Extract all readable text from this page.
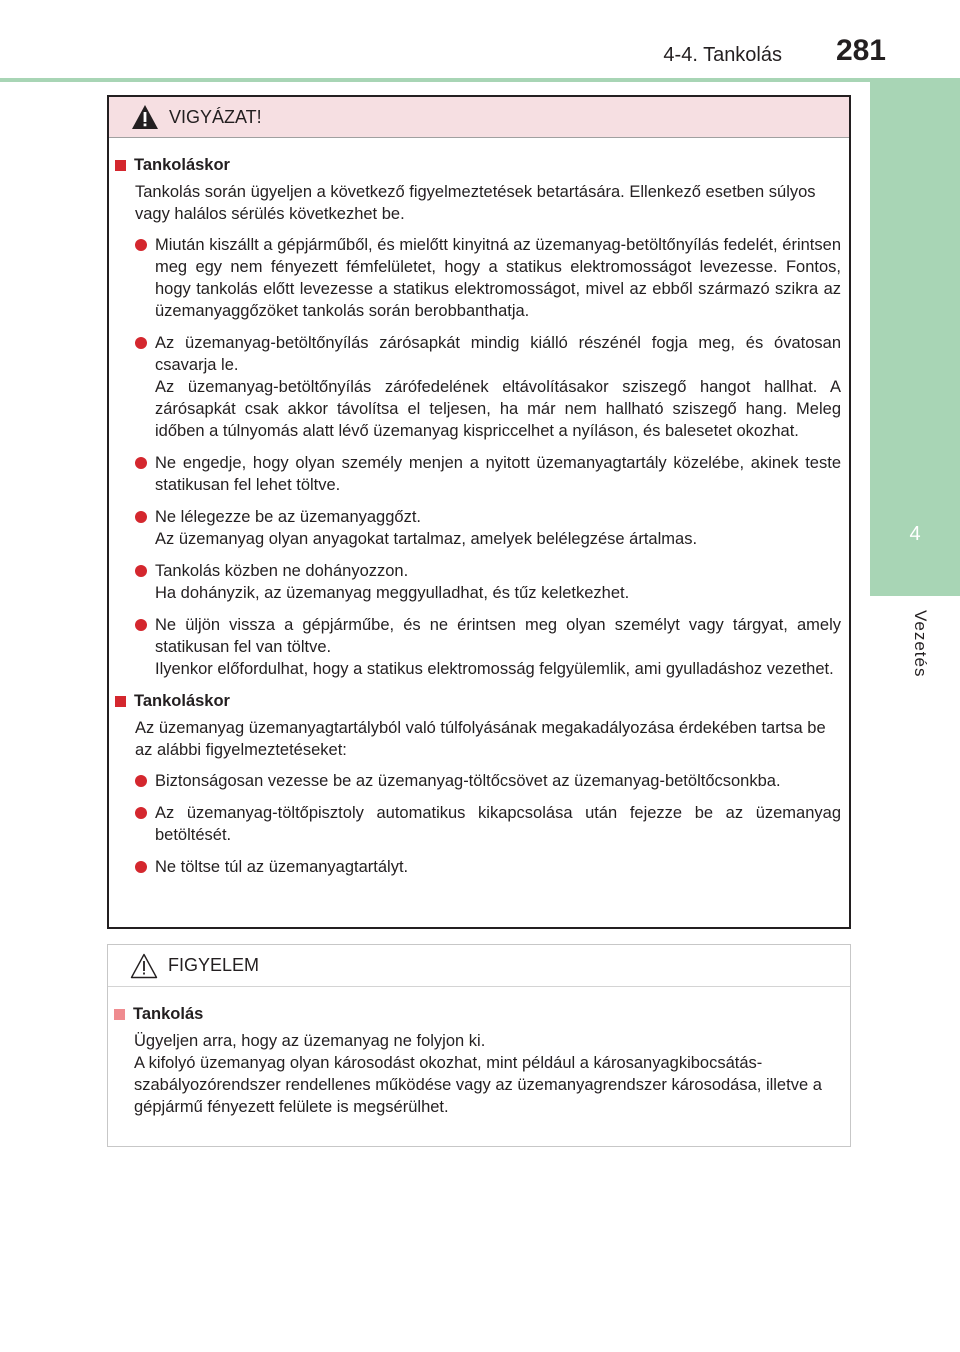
4-4. Tankolás 281
4
Vezetés
VIGYÁZAT!
Tankoláskor
Tankolás során ügyeljen a következő figyelmeztetések betartására. Ellenkező esetben súlyos vagy halálos sérülés következhet be.
Miután kiszállt a gépjárműből, és mielőtt kinyitná az üzemanyag-betöltőnyílás fedelét, érintsen meg egy nem fényezett fémfelületet, hogy a statikus elektromosságot levezesse. Fontos, hogy tankolás előtt levezesse a statikus elektromosságot, mivel az ebből származó szikra az üzemanyaggőzöket tankolás során berobbanthatja.
Az üzemanyag-betöltőnyílás zárósapkát mindig kiálló részénél fogja meg, és óvatosan csavarja le.
Az üzemanyag-betöltőnyílás zárófedelének eltávolításakor sziszegő hangot hallhat. A zárósapkát csak akkor távolítsa el teljesen, ha már nem hallható sziszegő hang. Meleg időben a túlnyomás alatt lévő üzemanyag kispriccelhet a nyíláson, és balesetet okozhat.
Ne engedje, hogy olyan személy menjen a nyitott üzemanyagtartály közelébe, akinek teste statikusan fel lehet töltve.
Ne lélegezze be az üzemanyaggőzt.
Az üzemanyag olyan anyagokat tartalmaz, amelyek belélegzése ártalmas.
Tankolás közben ne dohányozzon.
Ha dohányzik, az üzemanyag meggyulladhat, és tűz keletkezhet.
Ne üljön vissza a gépjárműbe, és ne érintsen meg olyan személyt vagy tárgyat, amely statikusan fel van töltve.
Ilyenkor előfordulhat, hogy a statikus elektromosság felgyülemlik, ami gyulladáshoz vezethet.
Tankoláskor
Az üzemanyag üzemanyagtartályból való túlfolyásának megakadályozása érdekében tartsa be az alábbi figyelmeztetéseket:
Biztonságosan vezesse be az üzemanyag-töltőcsövet az üzemanyag-betöltőcsonkba.
Az üzemanyag-töltőpisztoly automatikus kikapcsolása után fejezze be az üzemanyag betöltését.
Ne töltse túl az üzemanyagtartályt.
FIGYELEM
Tankolás
Ügyeljen arra, hogy az üzemanyag ne folyjon ki.
A kifolyó üzemanyag olyan károsodást okozhat, mint például a károsanyagkibocsátás-szabályozórendszer rendellenes működése vagy az üzemanyagrendszer károsodása, illetve a gépjármű fényezett felülete is megsérülhet.
